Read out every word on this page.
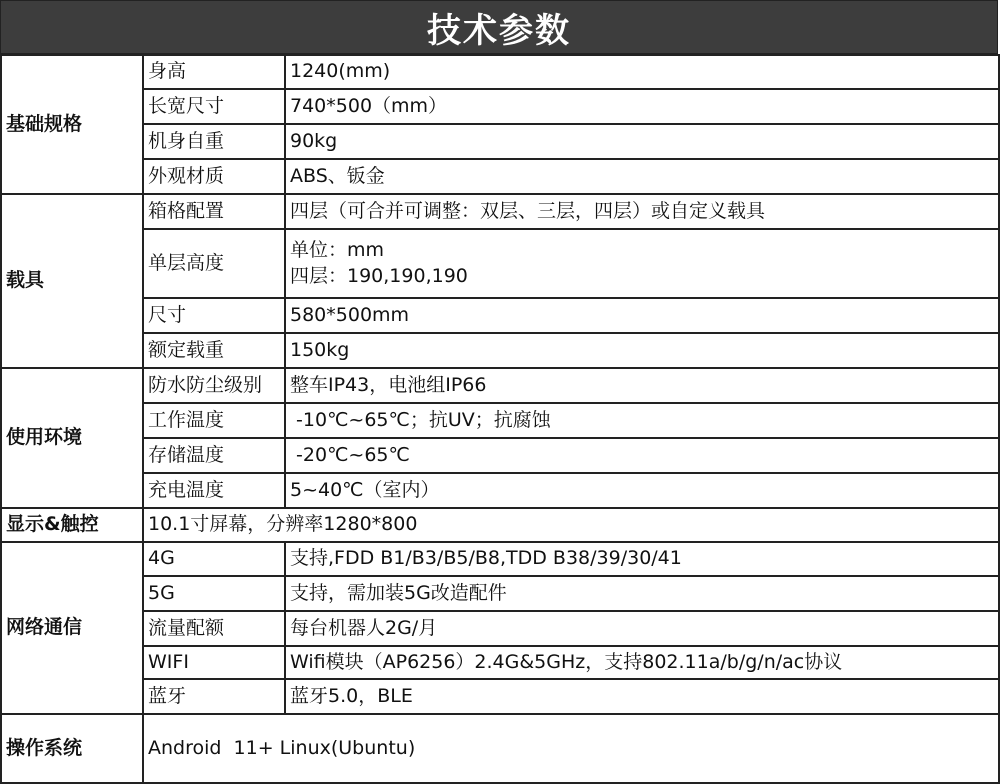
技术参数
基础规格	身高	1240(mm)
	长宽尺寸	740*500（mm）
	机身自重	90kg
	外观材质	ABS、钣金
载具	箱格配置	四层（可合并可调整：双层、三层，四层）或自定义载具
	单层高度	单位：mm
四层：190,190,190

	尺寸	580*500mm
	额定载重	150kg
使用环境	防水防尘级别	整车IP43，电池组IP66
	工作温度	-10℃~65℃；抗UV；抗腐蚀
	存储温度	-20℃~65℃
	充电温度	5~40℃（室内）
显示&触控	10.1寸屏幕，分辨率1280*800	
网络通信	4G	支持,FDD B1/B3/B5/B8,TDD B38/39/30/41
	5G	支持，需加装5G改造配件
	流量配额	每台机器人2G/月
	WIFI	Wifi模块（AP6256）2.4G&5GHz，支持802.11a/b/g/n/ac协议
	蓝牙	蓝牙5.0，BLE
操作系统	Android  11+ Linux(Ubuntu)	
